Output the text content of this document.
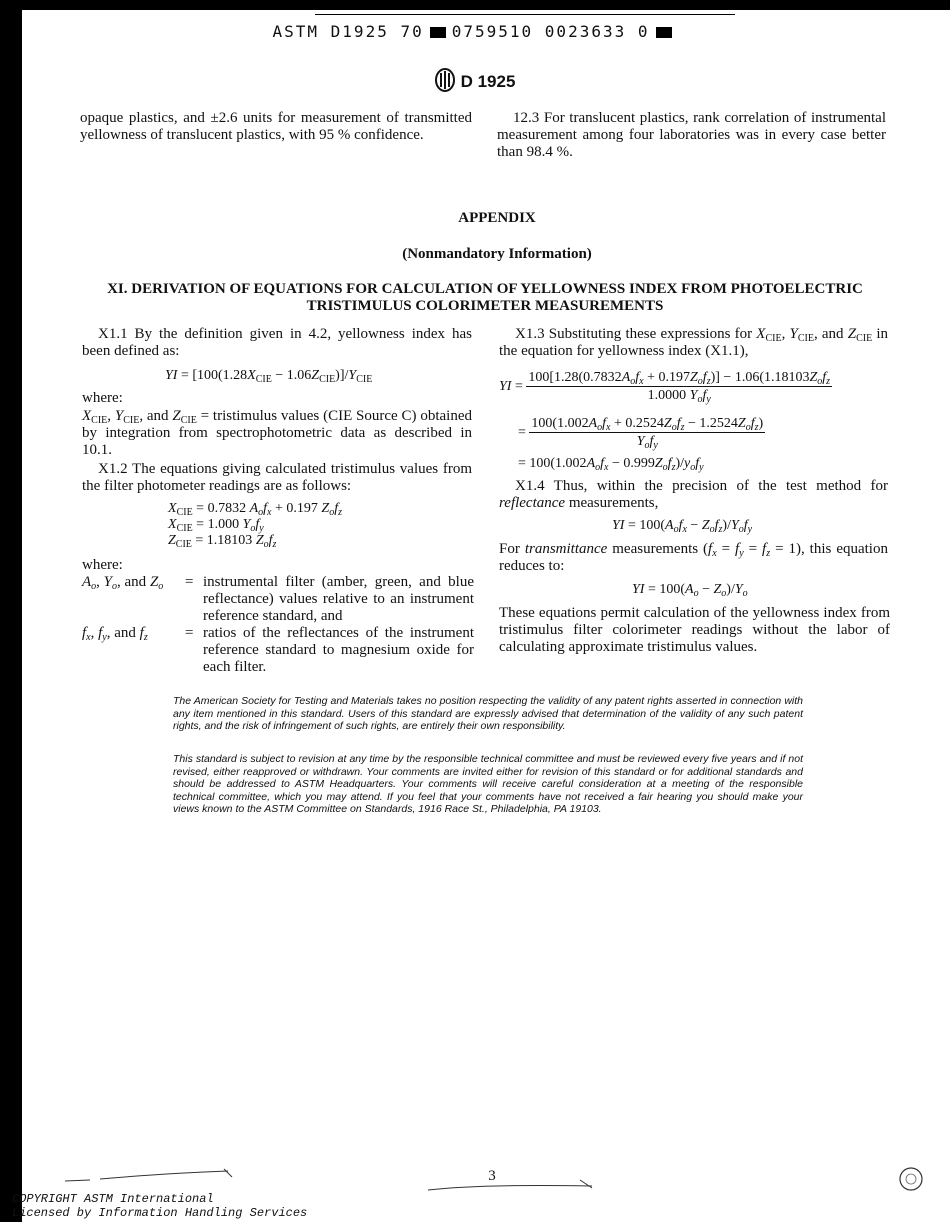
ASTM D1925 70 0759510 0023633 0
D 1925

opaque plastics, and ±2.6 units for measurement of transmitted yellowness of translucent plastics, with 95 % confidence.

12.3 For translucent plastics, rank correlation of instrumental measurement among four laboratories was in every case better than 98.4 %.

APPENDIX
(Nonmandatory Information)
XI. DERIVATION OF EQUATIONS FOR CALCULATION OF YELLOWNESS INDEX FROM PHOTOELECTRIC
TRISTIMULUS COLORIMETER MEASUREMENTS

X1.1 By the definition given in 4.2, yellowness index has been defined as:

YI = $[100(1.28X_{CIE} - 1.06Z_{CIE})]/Y_{CIE}$

where:

$X_{CIE}$, $Y_{CIE}$, and $Z_{CIE}$ = tristimulus values (CIE Source C) obtained by integration from spectrophotometric data as described in 10.1.

X1.2 The equations giving calculated tristimulus values from the filter photometer readings are as follows:

$X_{CIE} = 0.7832$ $A_of_x + 0.197$ $Z_of_z$
$X_{CIE} = 1.000$ $Y_of_y$
$Z_{CIE} = 1.18103$ $Z_of_z$

where:

$A_o$, $Y_o$, and $Z_o$	=	instrumental filter (amber, green, and blue reflectance) values relative to an instrument reference standard, and
$f_x$, $f_y$, and $f_z$	=	ratios of the reflectances of the instrument reference standard to magnesium oxide for each filter.

X1.3 Substituting these expressions for $X_{CIE}$, $Y_{CIE}$, and $Z_{CIE}$ in the equation for yellowness index (X1.1),

YI = $\frac{100[1.28(0.7832A_of_x + 0.197Z_of_z)] - 1.06(1.18103Z_of_z}{1.0000 Y_of_y}$
= $\frac{100(1.002A_of_x + 0.2524Z_of_z - 1.2524Z_of_z)}{Y_of_y}$
= $100(1.002A_of_x - 0.999Z_of_z)/y_of_y$

X1.4 Thus, within the precision of the test method for reflectance measurements,

YI = $100(A_of_x - Z_of_z)/Y_of_y$

For transmittance measurements $(f_x = f_y = f_z = 1)$, this equation reduces to:

YI = $100(A_o - Z_o)/Y_o$

These equations permit calculation of the yellowness index from tristimulus filter colorimeter readings without the labor of calculating approximate tristimulus values.

The American Society for Testing and Materials takes no position respecting the validity of any patent rights asserted in connection with any item mentioned in this standard. Users of this standard are expressly advised that determination of the validity of any such patent rights, and the risk of infringement of such rights, are entirely their own responsibility.

This standard is subject to revision at any time by the responsible technical committee and must be reviewed every five years and if not revised, either reapproved or withdrawn. Your comments are invited either for revision of this standard or for additional standards and should be addressed to ASTM Headquarters. Your comments will receive careful consideration at a meeting of the responsible technical committee, which you may attend. If you feel that your comments have not received a fair hearing you should make your views known to the ASTM Committee on Standards, 1916 Race St., Philadelphia, PA 19103.

3
COPYRIGHT ASTM International
Licensed by Information Handling Services
